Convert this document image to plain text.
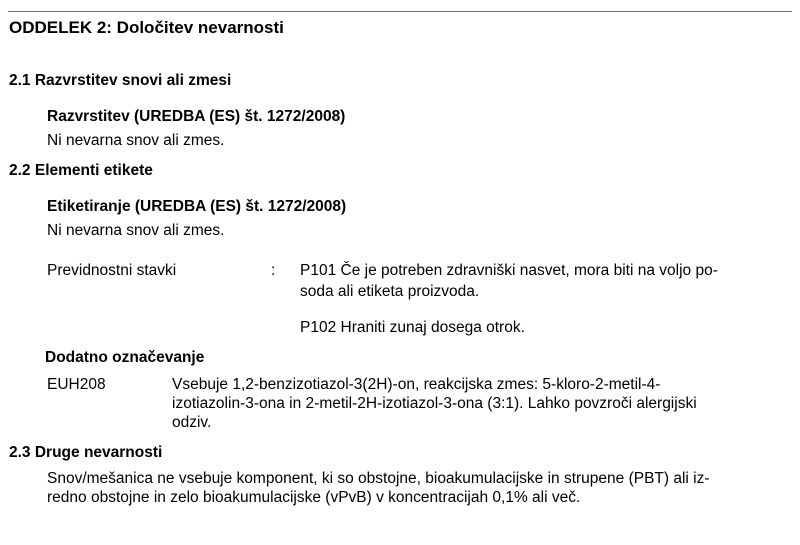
ODDELEK 2: Določitev nevarnosti
2.1 Razvrstitev snovi ali zmesi
Razvrstitev (UREDBA (ES) št. 1272/2008)
Ni nevarna snov ali zmes.
2.2 Elementi etikete
Etiketiranje (UREDBA (ES) št. 1272/2008)
Ni nevarna snov ali zmes.
Previdnostni stavki	: P101 Če je potreben zdravniški nasvet, mora biti na voljo po-
soda ali etiketa proizvoda.
P102 Hraniti zunaj dosega otrok.
Dodatno označevanje
EUH208	Vsebuje 1,2-benzizotiazol-3(2H)-on, reakcijska zmes: 5-kloro-2-metil-4-
izotiazolin-3-ona in 2-metil-2H-izotiazol-3-ona (3:1). Lahko povzroči alergijski
odziv.
2.3 Druge nevarnosti
Snov/mešanica ne vsebuje komponent, ki so obstojne, bioakumulacijske in strupene (PBT) ali iz-
redno obstojne in zelo bioakumulacijske (vPvB) v koncentracijah 0,1% ali več.
